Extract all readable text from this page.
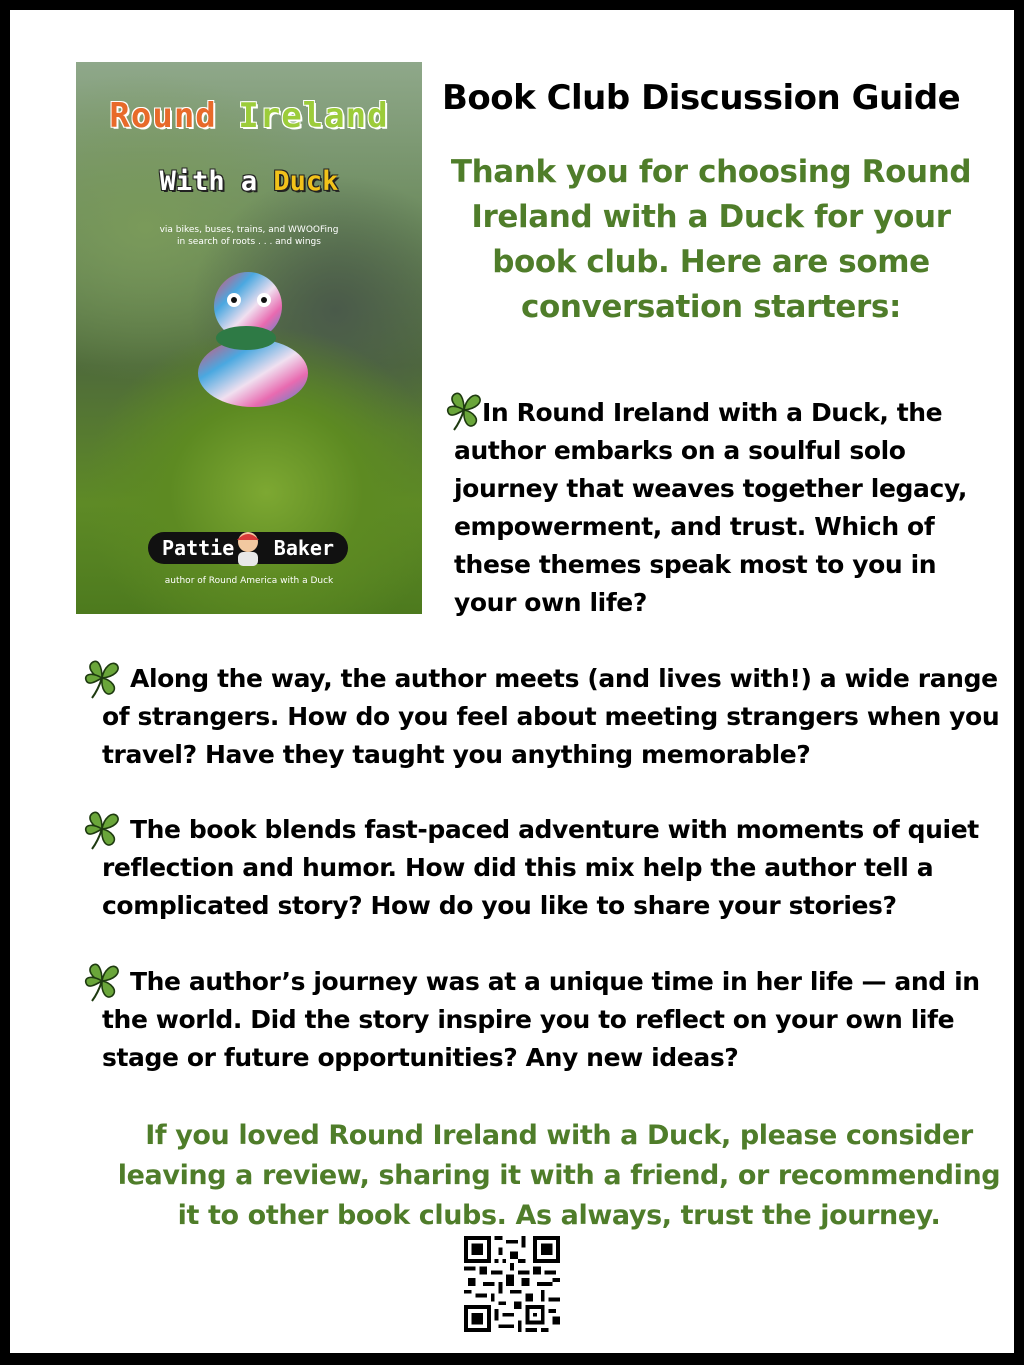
Round Ireland
With a Duck
via bikes, buses, trains, and WWOOFing
in search of roots . . . and wings
Pattie Baker
author of Round America with a Duck
Book Club Discussion Guide
Thank you for choosing Round Ireland with a Duck for your book club. Here are some conversation starters:
In Round Ireland with a Duck, the author embarks on a soulful solo journey that weaves together legacy, empowerment, and trust. Which of these themes speak most to you in your own life?
Along the way, the author meets (and lives with!) a wide range of strangers. How do you feel about meeting strangers when you travel? Have they taught you anything memorable?
The book blends fast-paced adventure with moments of quiet reflection and humor. How did this mix help the author tell a complicated story? How do you like to share your stories?
The author’s journey was at a unique time in her life — and in the world. Did the story inspire you to reflect on your own life stage or future opportunities? Any new ideas?
If you loved Round Ireland with a Duck, please consider leaving a review, sharing it with a friend, or recommending it to other book clubs. As always, trust the journey.
